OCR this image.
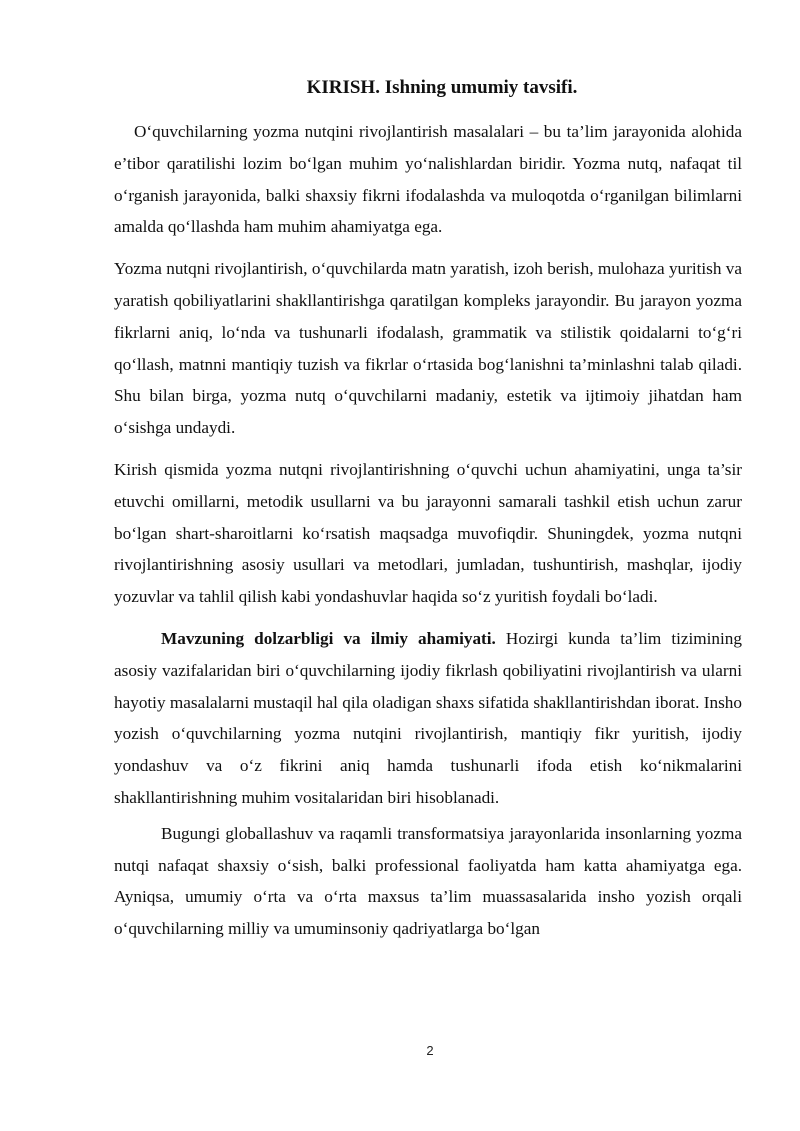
KIRISH. Ishning umumiy tavsifi.

O‘quvchilarning yozma nutqini rivojlantirish masalalari – bu ta’lim jarayonida alohida e’tibor qaratilishi lozim bo‘lgan muhim yo‘nalishlardan biridir. Yozma nutq, nafaqat til o‘rganish jarayonida, balki shaxsiy fikrni ifodalashda va muloqotda o‘rganilgan bilimlarni amalda qo‘llashda ham muhim ahamiyatga ega.

Yozma nutqni rivojlantirish, o‘quvchilarda matn yaratish, izoh berish, mulohaza yuritish va yaratish qobiliyatlarini shakllantirishga qaratilgan kompleks jarayondir. Bu jarayon yozma fikrlarni aniq, lo‘nda va tushunarli ifodalash, grammatik va stilistik qoidalarni to‘g‘ri qo‘llash, matnni mantiqiy tuzish va fikrlar o‘rtasida bog‘lanishni ta’minlashni talab qiladi. Shu bilan birga, yozma nutq o‘quvchilarni madaniy, estetik va ijtimoiy jihatdan ham o‘sishga undaydi.

Kirish qismida yozma nutqni rivojlantirishning o‘quvchi uchun ahamiyatini, unga ta’sir etuvchi omillarni, metodik usullarni va bu jarayonni samarali tashkil etish uchun zarur bo‘lgan shart-sharoitlarni ko‘rsatish maqsadga muvofiqdir. Shuningdek, yozma nutqni rivojlantirishning asosiy usullari va metodlari, jumladan, tushuntirish, mashqlar, ijodiy yozuvlar va tahlil qilish kabi yondashuvlar haqida so‘z yuritish foydali bo‘ladi.

Mavzuning dolzarbligi va ilmiy ahamiyati. Hozirgi kunda ta’lim tizimining asosiy vazifalaridan biri o‘quvchilarning ijodiy fikrlash qobiliyatini rivojlantirish va ularni hayotiy masalalarni mustaqil hal qila oladigan shaxs sifatida shakllantirishdan iborat. Insho yozish o‘quvchilarning yozma nutqini rivojlantirish, mantiqiy fikr yuritish, ijodiy yondashuv va o‘z fikrini aniq hamda tushunarli ifoda etish ko‘nikmalarini shakllantirishning muhim vositalaridan biri hisoblanadi.

Bugungi globallashuv va raqamli transformatsiya jarayonlarida insonlarning yozma nutqi nafaqat shaxsiy o‘sish, balki professional faoliyatda ham katta ahamiyatga ega. Ayniqsa, umumiy o‘rta va o‘rta maxsus ta’lim muassasalarida insho yozish orqali o‘quvchilarning milliy va umuminsoniy qadriyatlarga bo‘lgan

2
